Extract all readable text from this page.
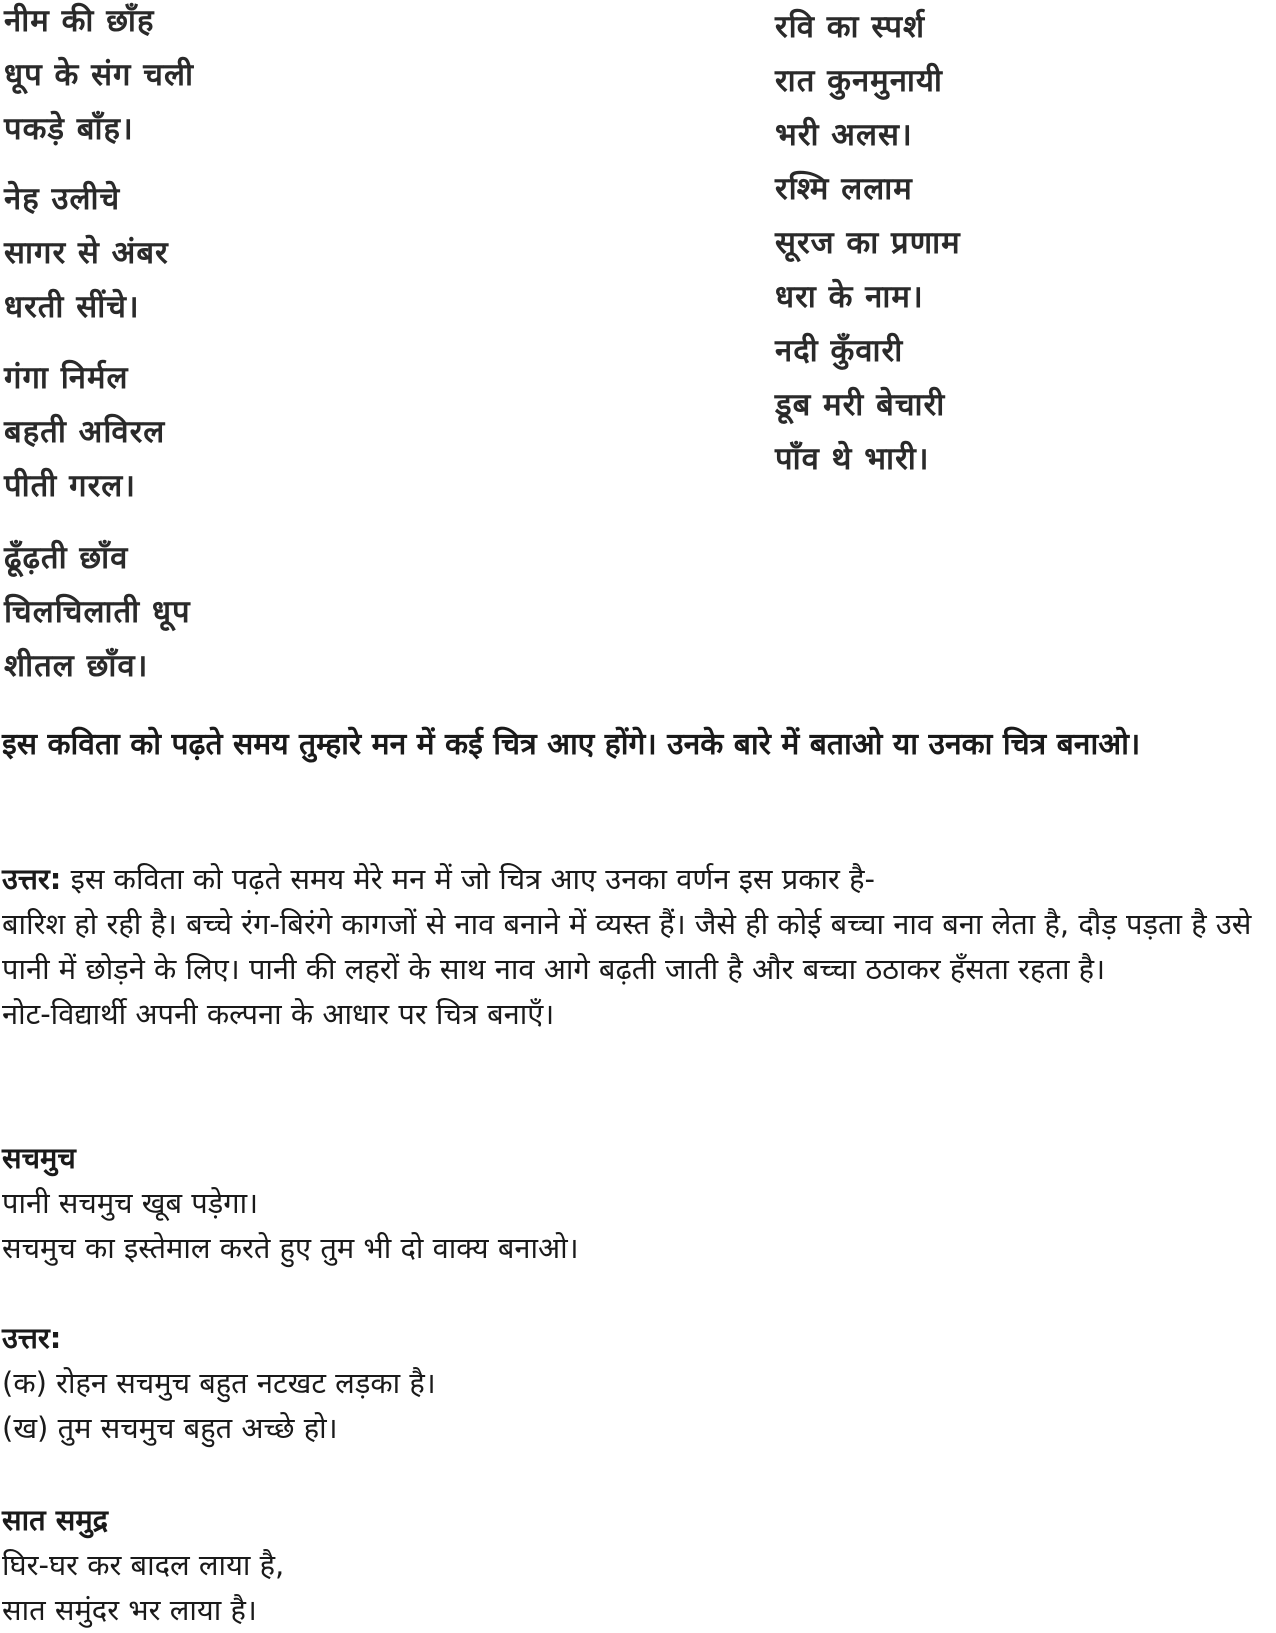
नीम की छाँह
धूप के संग चली
पकड़े बाँह।
नेह उलीचे
सागर से अंबर
धरती सींचे।
गंगा निर्मल
बहती अविरल
पीती गरल।
ढूँढ़ती छाँव
चिलचिलाती धूप
शीतल छाँव।
रवि का स्पर्श
रात कुनमुनायी
भरी अलस।
रश्मि ललाम
सूरज का प्रणाम
धरा के नाम।
नदी कुँवारी
डूब मरी बेचारी
पाँव थे भारी।

इस कविता को पढ़ते समय तुम्हारे मन में कई चित्र आए होंगे। उनके बारे में बताओ या उनका चित्र बनाओ।

उत्तर: इस कविता को पढ़ते समय मेरे मन में जो चित्र आए उनका वर्णन इस प्रकार है-

बारिश हो रही है। बच्चे रंग-बिरंगे कागजों से नाव बनाने में व्यस्त हैं। जैसे ही कोई बच्चा नाव बना लेता है, दौड़ पड़ता है उसे पानी में छोड़ने के लिए। पानी की लहरों के साथ नाव आगे बढ़ती जाती है और बच्चा ठठाकर हँसता रहता है।

नोट-विद्यार्थी अपनी कल्पना के आधार पर चित्र बनाएँ।

सचमुच

पानी सचमुच खूब पड़ेगा।

सचमुच का इस्तेमाल करते हुए तुम भी दो वाक्य बनाओ।

उत्तर:

(क) रोहन सचमुच बहुत नटखट लड़का है।

(ख) तुम सचमुच बहुत अच्छे हो।

सात समुद्र

घिर-घर कर बादल लाया है,

सात समुंदर भर लाया है।
